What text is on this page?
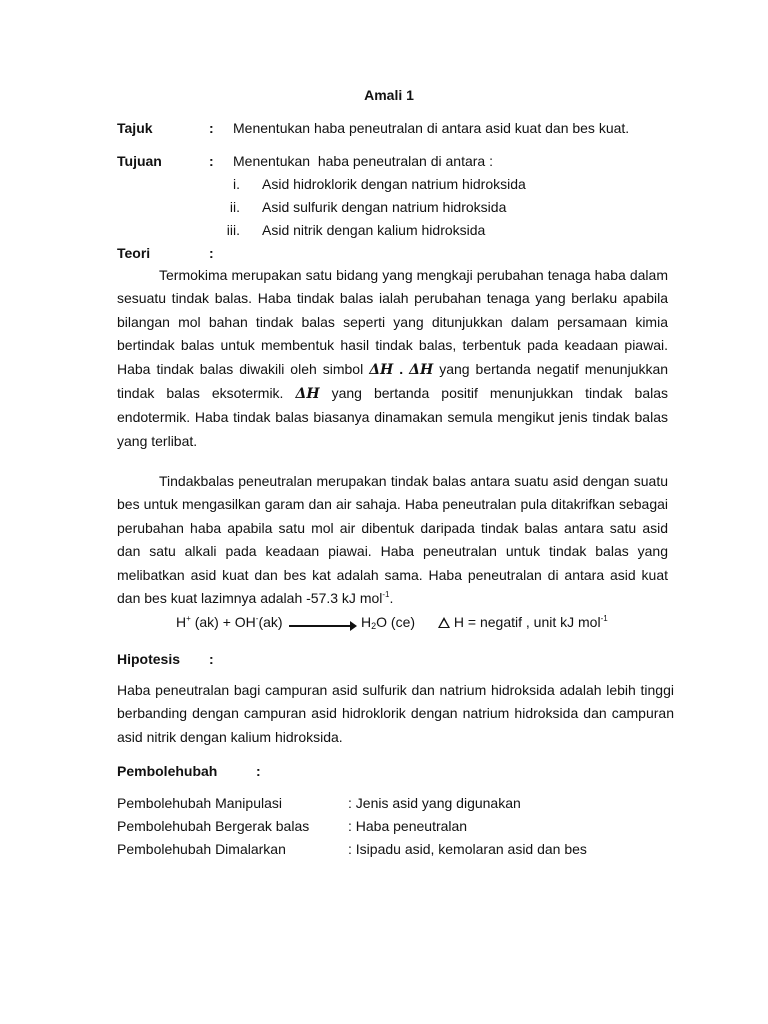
Amali 1
Tajuk	: Menentukan haba peneutralan di antara asid kuat dan bes kuat.
Tujuan	: Menentukan  haba peneutralan di antara :
i. Asid hidroklorik dengan natrium hidroksida
ii. Asid sulfurik dengan natrium hidroksida
iii. Asid nitrik dengan kalium hidroksida
Teori	:
Termokima merupakan satu bidang yang mengkaji perubahan tenaga haba dalam sesuatu tindak balas. Haba tindak balas ialah perubahan tenaga yang berlaku apabila bilangan mol bahan tindak balas seperti yang ditunjukkan dalam persamaan kimia bertindak balas untuk membentuk hasil tindak balas, terbentuk pada keadaan piawai. Haba tindak balas diwakili oleh simbol ΔH . ΔH yang bertanda negatif menunjukkan tindak balas eksotermik. ΔH yang bertanda positif menunjukkan tindak balas endotermik. Haba tindak balas biasanya dinamakan semula mengikut jenis tindak balas yang terlibat.
Tindakbalas peneutralan merupakan tindak balas antara suatu asid dengan suatu bes untuk mengasilkan garam dan air sahaja. Haba peneutralan pula ditakrifkan sebagai perubahan haba apabila satu mol air dibentuk daripada tindak balas antara satu asid dan satu alkali pada keadaan piawai. Haba peneutralan untuk tindak balas yang melibatkan asid kuat dan bes kat adalah sama. Haba peneutralan di antara asid kuat dan bes kuat lazimnya adalah -57.3 kJ mol$^{-1}$.
H+ (ak) + OH-(ak)	$H_2O$ (ce)	H = negatif , unit kJ mol$^{-1}$
Hipotesis :
Haba peneutralan bagi campuran asid sulfurik dan natrium hidroksida adalah lebih tinggi berbanding dengan campuran asid hidroklorik dengan natrium hidroksida dan campuran asid nitrik dengan kalium hidroksida.
Pembolehubah	:
Pembolehubah Manipulasi	: Jenis asid yang digunakan
Pembolehubah Bergerak balas	: Haba peneutralan
Pembolehubah Dimalarkan	: Isipadu asid, kemolaran asid dan bes
